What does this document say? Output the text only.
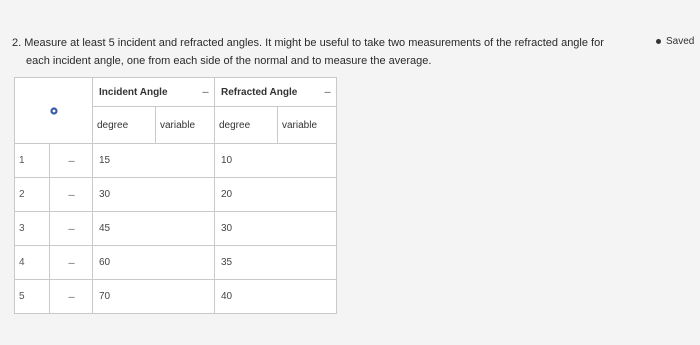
2. Measure at least 5 incident and refracted angles. It might be useful to take two measurements of the refracted angle for
each incident angle, one from each side of the normal and to measure the average.
Saved

Incident Angle ---		Refracted Angle ---	

		degree	variable	degree	variable
1	---	15		10	
2	---	30		20	
3	---	45		30	
4	---	60		35	
5	---	70		40	
